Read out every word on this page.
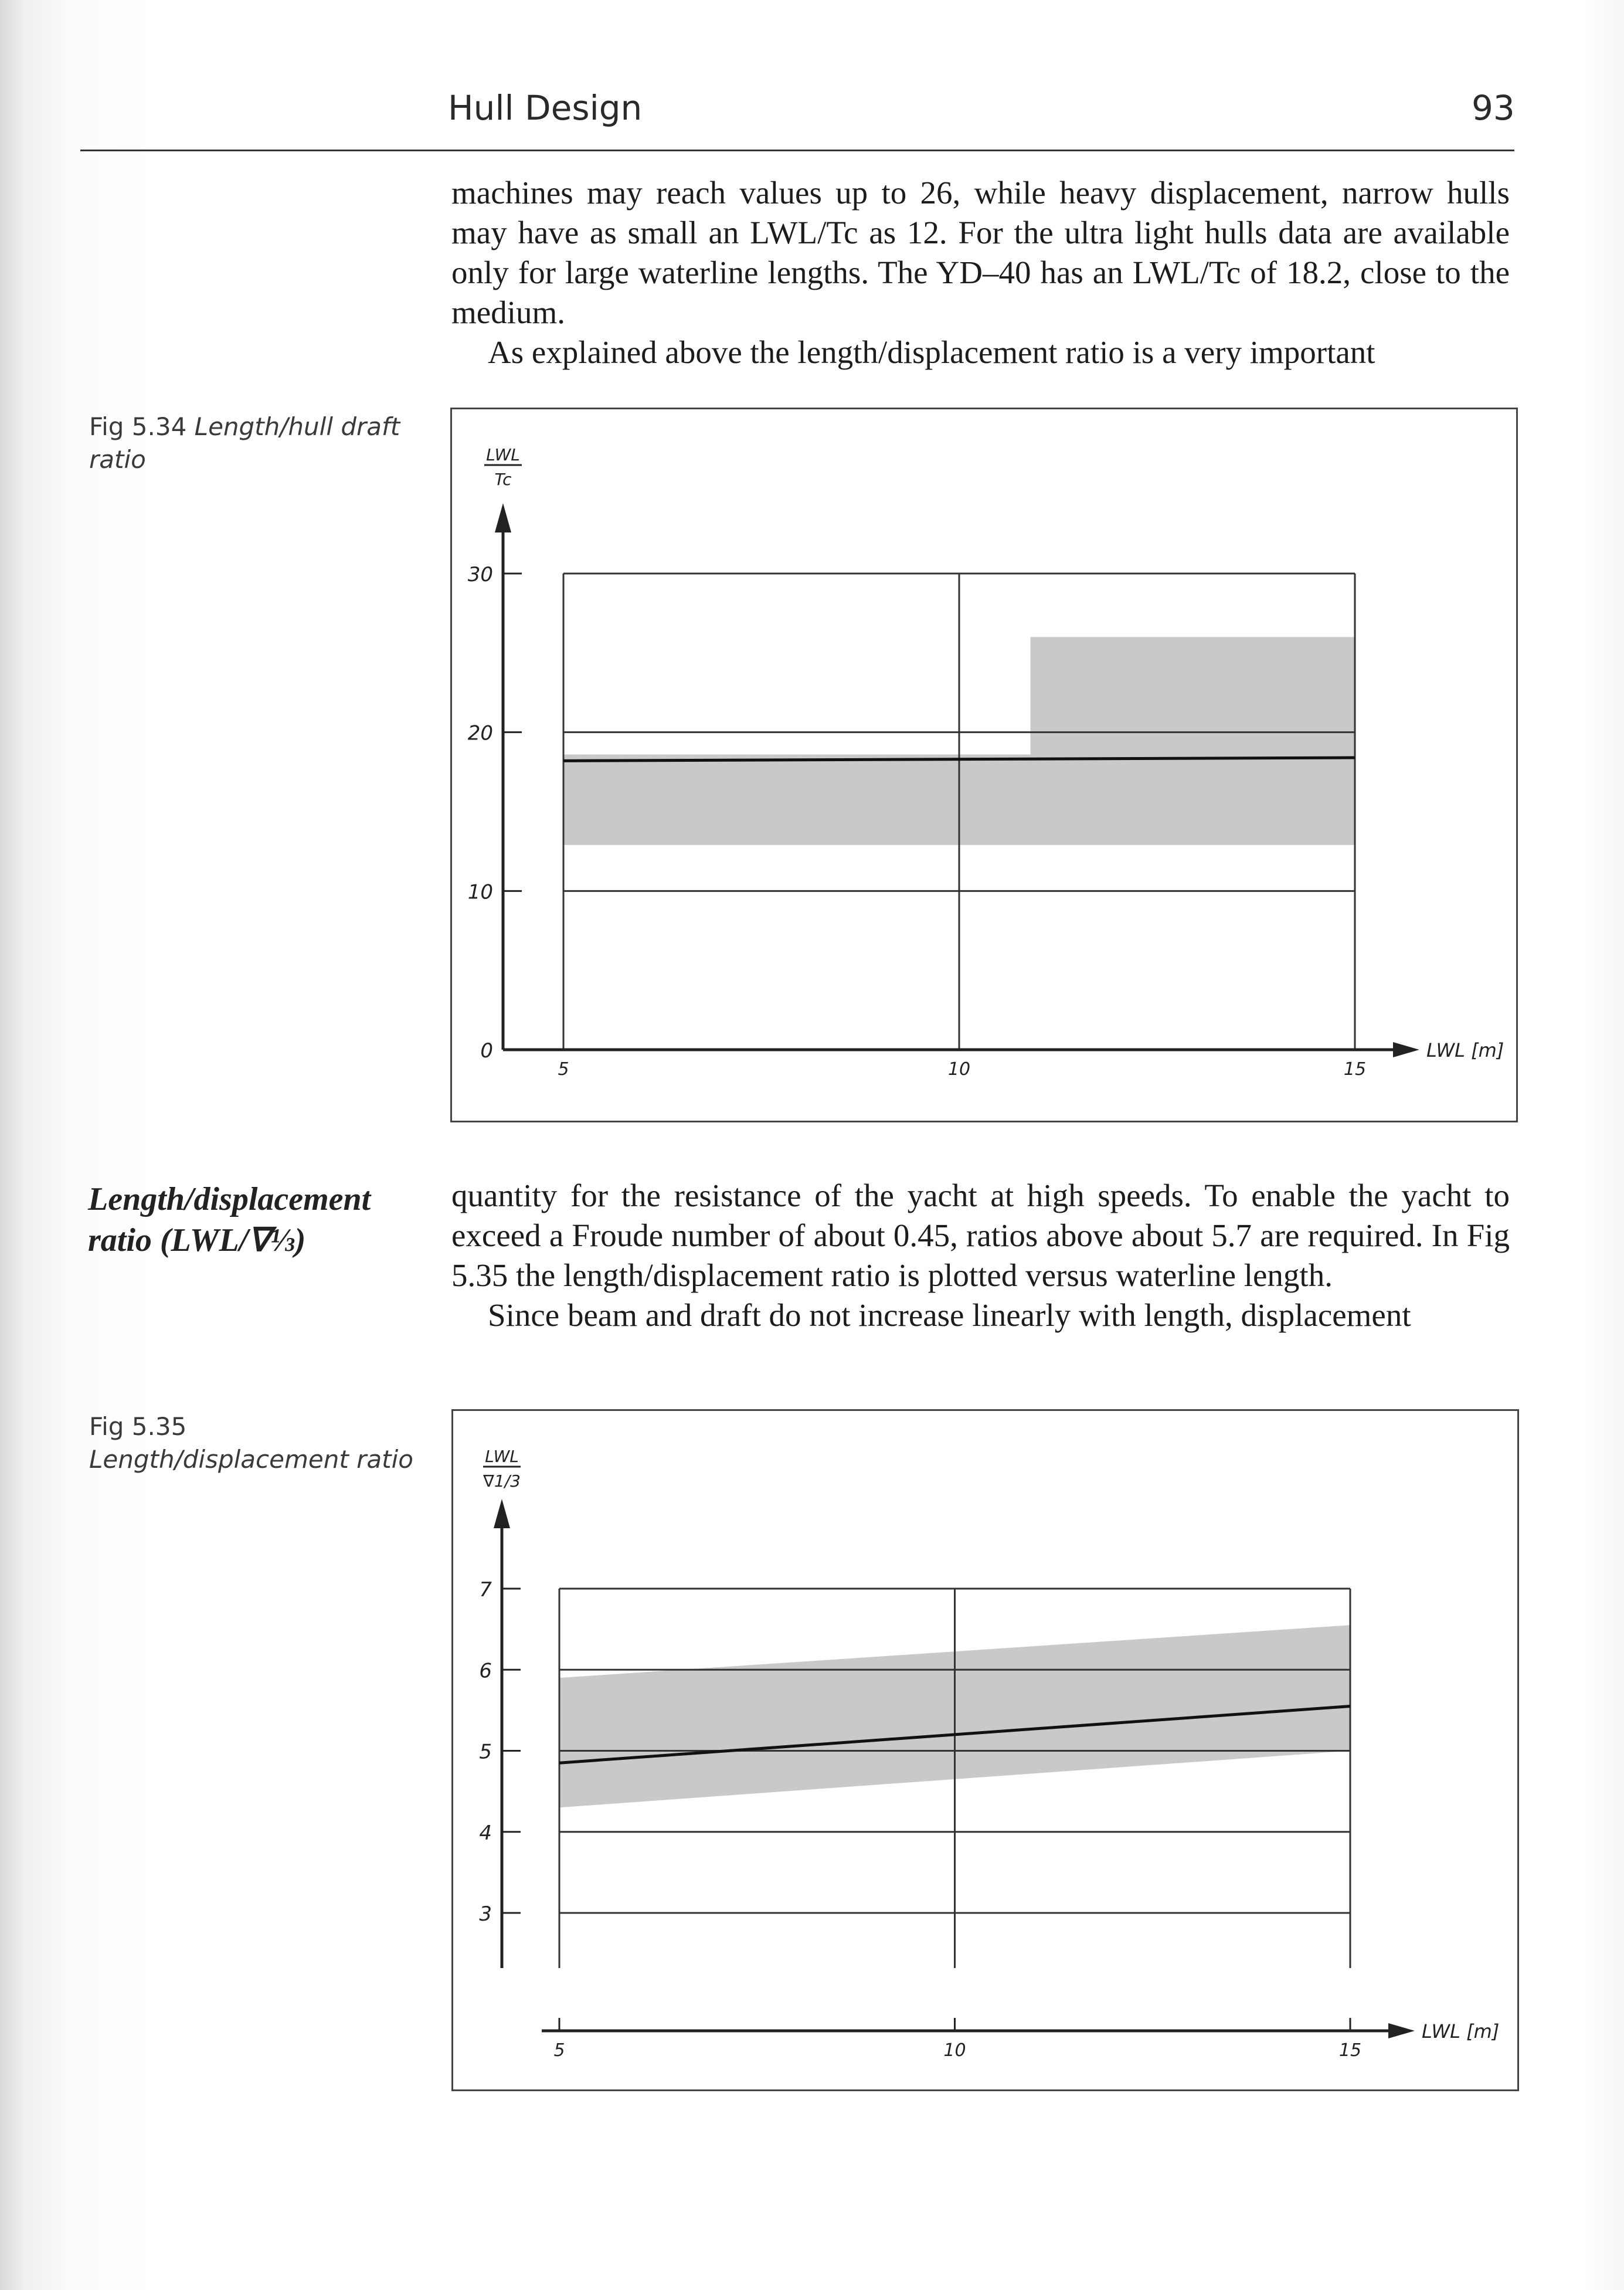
Hull Design	93

machines may reach values up to 26, while heavy displacement, narrow hulls may have as small an LWL/Tc as 12. For the ultra light hulls data are available only for large waterline lengths. The YD–40 has an LWL/Tc of 18.2, close to the medium.

As explained above the length/displacement ratio is a very important

Fig 5.34 Length/hull draft ratio
0
10
20
30
5	10	15
LWL [m]
LWL
Tc
Length/displacement
ratio (LWL/∇⅓)

quantity for the resistance of the yacht at high speeds. To enable the yacht to exceed a Froude number of about 0.45, ratios above about 5.7 are required. In Fig 5.35 the length/displacement ratio is plotted versus waterline length.

Since beam and draft do not increase linearly with length, displacement

Fig 5.35
Length/displacement ratio
3
4
5
6
7
5	10	15
LWL [m]
LWL
∇1/3
